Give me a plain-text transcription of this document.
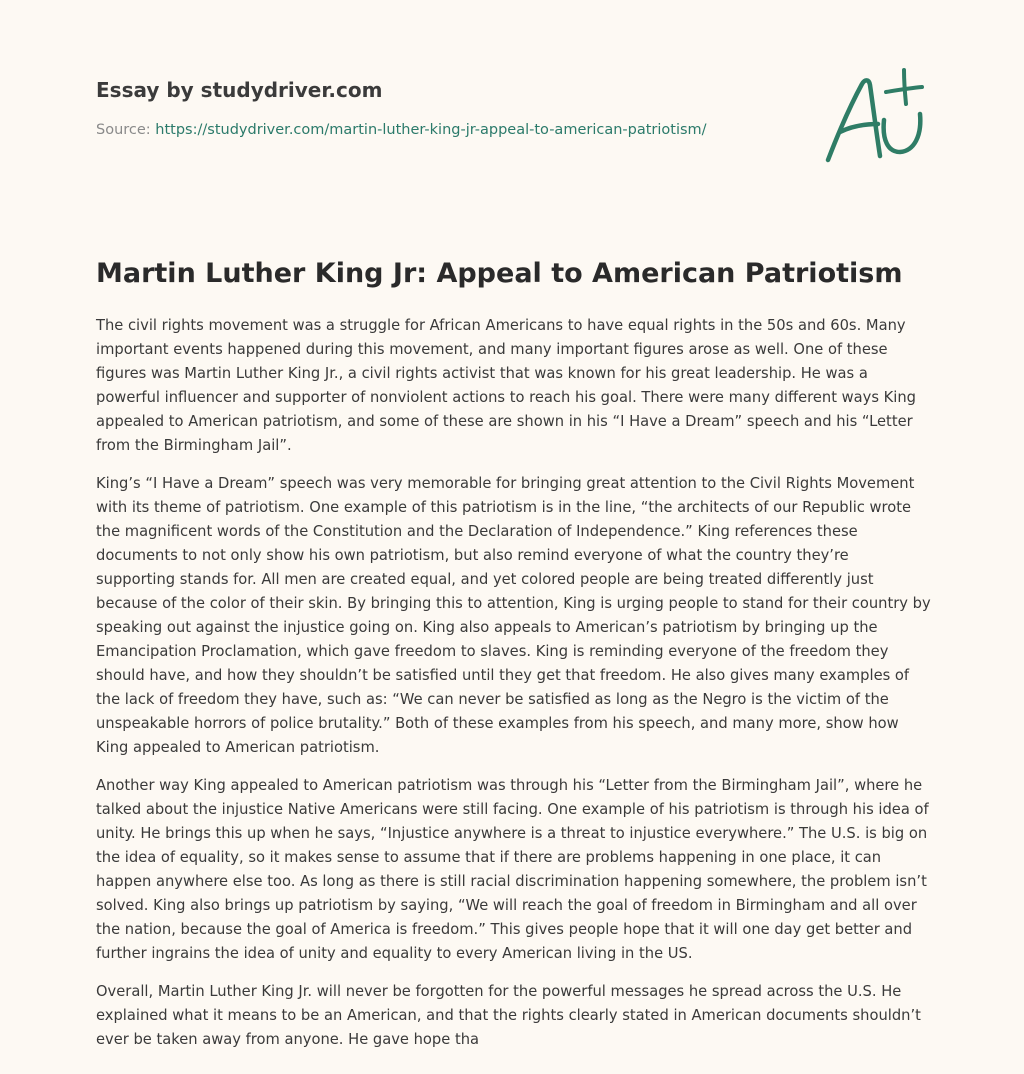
Essay by studydriver.com

Source: https://studydriver.com/martin-luther-king-jr-appeal-to-american-patriotism/
Martin Luther King Jr: Appeal to American Patriotism

The civil rights movement was a struggle for African Americans to have equal rights in the 50s and 60s. Many important events happened during this movement, and many important figures arose as well. One of these figures was Martin Luther King Jr., a civil rights activist that was known for his great leadership. He was a powerful influencer and supporter of nonviolent actions to reach his goal. There were many different ways King appealed to American patriotism, and some of these are shown in his “I Have a Dream” speech and his “Letter from the Birmingham Jail”.

King’s “I Have a Dream” speech was very memorable for bringing great attention to the Civil Rights Movement with its theme of patriotism. One example of this patriotism is in the line, “the architects of our Republic wrote the magnificent words of the Constitution and the Declaration of Independence.” King references these documents to not only show his own patriotism, but also remind everyone of what the country they’re supporting stands for. All men are created equal, and yet colored people are being treated differently just because of the color of their skin. By bringing this to attention, King is urging people to stand for their country by speaking out against the injustice going on. King also appeals to American’s patriotism by bringing up the Emancipation Proclamation, which gave freedom to slaves. King is reminding everyone of the freedom they should have, and how they shouldn’t be satisfied until they get that freedom. He also gives many examples of the lack of freedom they have, such as: “We can never be satisfied as long as the Negro is the victim of the unspeakable horrors of police brutality.” Both of these examples from his speech, and many more, show how King appealed to American patriotism.

Another way King appealed to American patriotism was through his “Letter from the Birmingham Jail”, where he talked about the injustice Native Americans were still facing. One example of his patriotism is through his idea of unity. He brings this up when he says, “Injustice anywhere is a threat to injustice everywhere.” The U.S. is big on the idea of equality, so it makes sense to assume that if there are problems happening in one place, it can happen anywhere else too. As long as there is still racial discrimination happening somewhere, the problem isn’t solved. King also brings up patriotism by saying, “We will reach the goal of freedom in Birmingham and all over the nation, because the goal of America is freedom.” This gives people hope that it will one day get better and further ingrains the idea of unity and equality to every American living in the US.

Overall, Martin Luther King Jr. will never be forgotten for the powerful messages he spread across the U.S. He explained what it means to be an American, and that the rights clearly stated in American documents shouldn’t ever be taken away from anyone. He gave hope tha
